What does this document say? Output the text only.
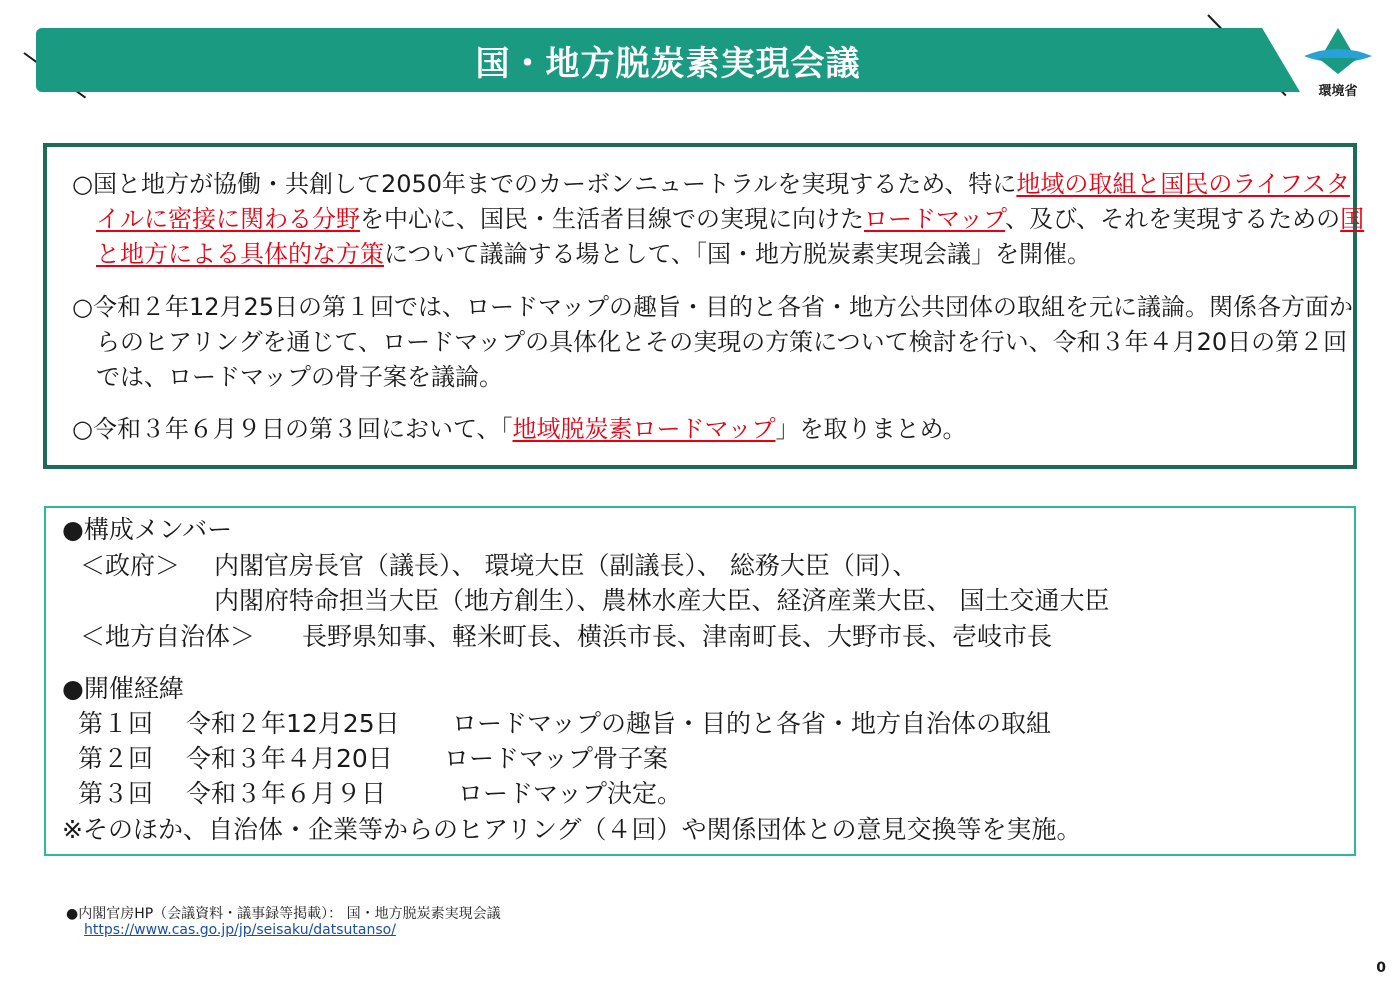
国・地方脱炭素実現会議
環境省

○国と地方が協働・共創して2050年までのカーボンニュートラルを実現するため、特に地域の取組と国民のライフスタイルに密接に関わる分野を中心に、国民・生活者目線での実現に向けたロードマップ、及び、それを実現するための国と地方による具体的な方策について議論する場として、「国・地方脱炭素実現会議」を開催。

○令和２年12月25日の第１回では、ロードマップの趣旨・目的と各省・地方公共団体の取組を元に議論。関係各方面からのヒアリングを通じて、ロードマップの具体化とその実現の方策について検討を行い、令和３年４月20日の第２回では、ロードマップの骨子案を議論。

○令和３年６月９日の第３回において、「地域脱炭素ロードマップ」を取りまとめ。

●構成メンバー
＜政府＞ 内閣官房長官（議長）、 環境大臣（副議長）、 総務大臣（同）、
内閣府特命担当大臣（地方創生）、農林水産大臣、経済産業大臣、 国土交通大臣
＜地方自治体＞ 長野県知事、軽米町長、横浜市長、津南町長、大野市長、壱岐市長
●開催経緯
第１回 令和２年12月25日 ロードマップの趣旨・目的と各省・地方自治体の取組
第２回 令和３年４月20日 ロードマップ骨子案
第３回 令和３年６月９日	ロードマップ決定。
※そのほか、自治体・企業等からのヒアリング（４回）や関係団体との意見交換等を実施。
●内閣官房HP（会議資料・議事録等掲載）： 国・地方脱炭素実現会議
https://www.cas.go.jp/jp/seisaku/datsutanso/
0
